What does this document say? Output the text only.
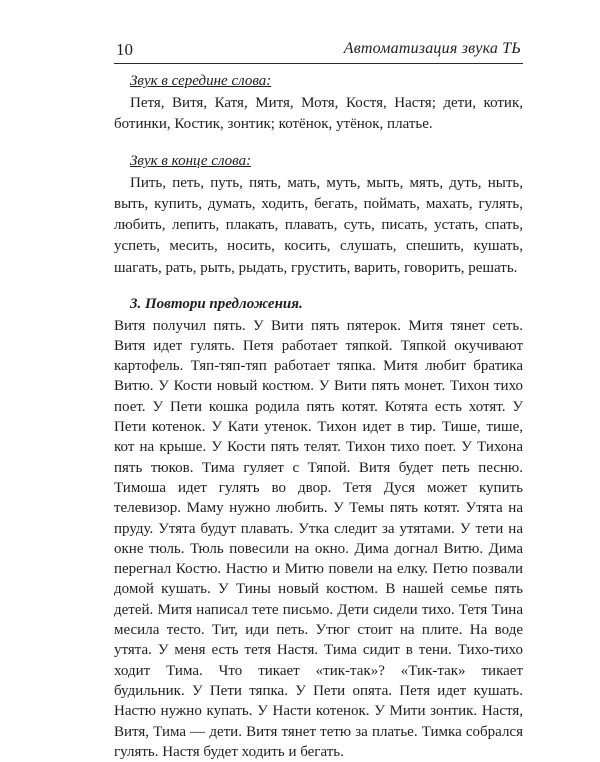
10	Автоматизация звука ТЬ
Звук в середине слова:

Петя, Витя, Катя, Митя, Мотя, Костя, Настя; дети, котик, ботинки, Костик, зонтик; котёнок, утёнок, платье.

Звук в конце слова:

Пить, петь, путь, пять, мать, муть, мыть, мять, дуть, ныть, выть, купить, думать, ходить, бегать, поймать, махать, гулять, любить, лепить, плакать, плавать, суть, писать, устать, спать, успеть, месить, носить, косить, слушать, спешить, кушать, шагать, рать, рыть, рыдать, грустить, варить, говорить, решать.

3. Повтори предложения.

Витя получил пять. У Вити пять пятерок. Митя тянет сеть. Витя идет гулять. Петя работает тяпкой. Тяпкой окучивают картофель. Тяп-тяп-тяп работает тяпка. Митя любит братика Витю. У Кости новый костюм. У Вити пять монет. Тихон тихо поет. У Пети кошка родила пять котят. Котята есть хотят. У Пети котенок. У Кати утенок. Тихон идет в тир. Тише, тише, кот на крыше. У Кости пять телят. Тихон тихо поет. У Тихона пять тюков. Тима гуляет с Тяпой. Витя будет петь песню. Тимоша идет гулять во двор. Тетя Дуся может купить телевизор. Маму нужно любить. У Темы пять котят. Утята на пруду. Утята будут плавать. Утка следит за утятами. У тети на окне тюль. Тюль повесили на окно. Дима догнал Витю. Дима перегнал Костю. Настю и Митю повели на елку. Петю позвали домой кушать. У Тины новый костюм. В нашей семье пять детей. Митя написал тете письмо. Дети сидели тихо. Тетя Тина месила тесто. Тит, иди петь. Утюг стоит на плите. На воде утята. У меня есть тетя Настя. Тима сидит в тени. Тихо-тихо ходит Тима. Что тикает «тик-так»? «Тик-так» тикает будильник. У Пети тяпка. У Пети опята. Петя идет кушать. Настю нужно купать. У Насти котенок. У Мити зонтик. Настя, Витя, Тима — дети. Витя тянет тетю за платье. Тимка собрался гулять. Настя будет ходить и бегать.
